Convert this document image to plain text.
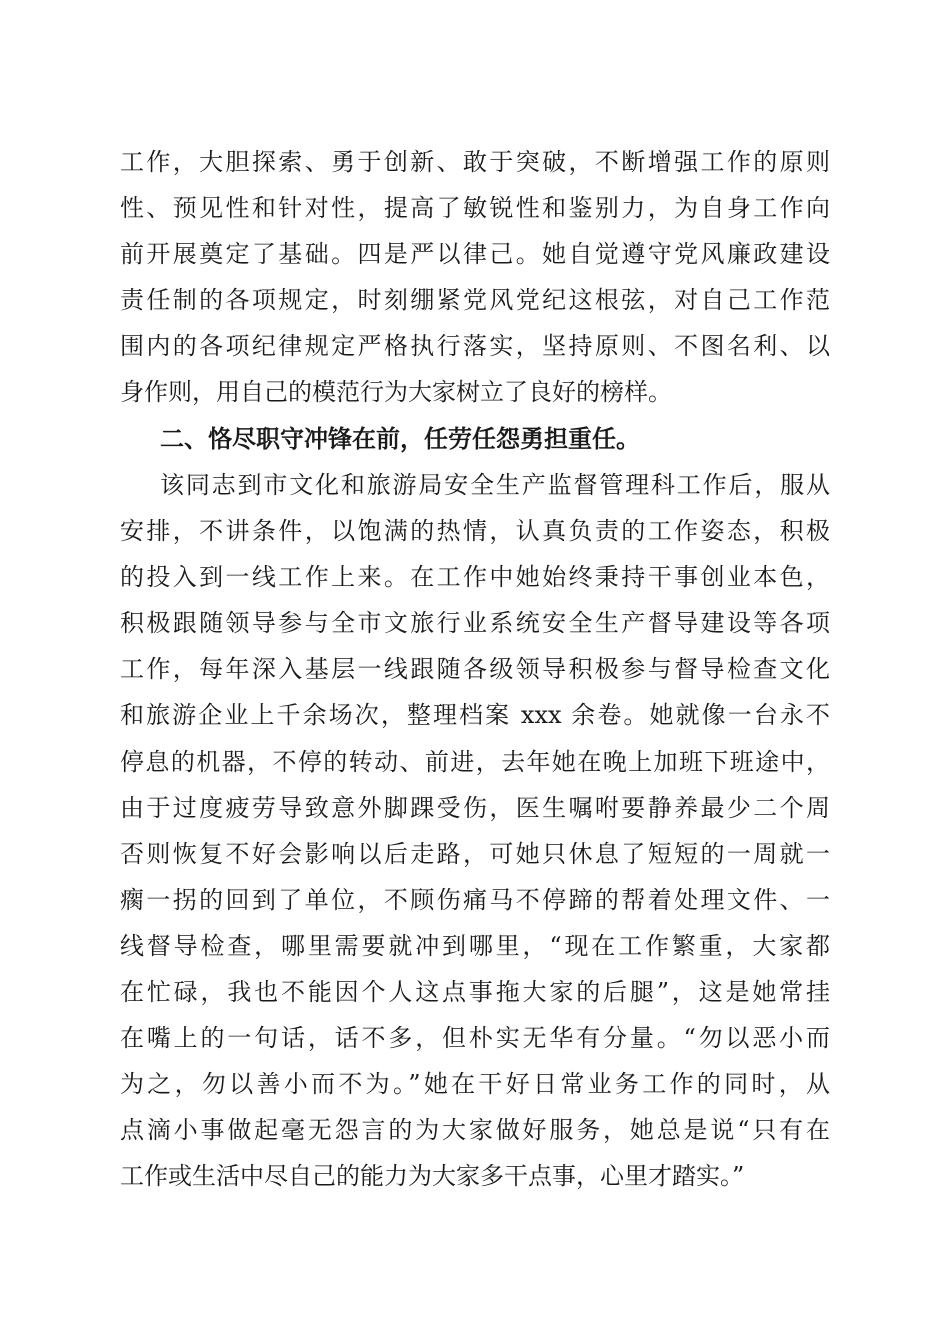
工作，大胆探索、勇于创新、敢于突破，不断增强工作的原则
性、预见性和针对性，提高了敏锐性和鉴别力，为自身工作向
前开展奠定了基础。四是严以律己。她自觉遵守党风廉政建设
责任制的各项规定，时刻绷紧党风党纪这根弦，对自己工作范
围内的各项纪律规定严格执行落实，坚持原则、不图名利、以
身作则，用自己的模范行为大家树立了良好的榜样。
二、恪尽职守冲锋在前，任劳任怨勇担重任。
该同志到市文化和旅游局安全生产监督管理科工作后，服从
安排，不讲条件，以饱满的热情，认真负责的工作姿态，积极
的投入到一线工作上来。在工作中她始终秉持干事创业本色，
积极跟随领导参与全市文旅行业系统安全生产督导建设等各项
工作，每年深入基层一线跟随各级领导积极参与督导检查文化
和旅游企业上千余场次，整理档案 xxx 余卷。她就像一台永不
停息的机器，不停的转动、前进，去年她在晚上加班下班途中，
由于过度疲劳导致意外脚踝受伤，医生嘱咐要静养最少二个周
否则恢复不好会影响以后走路，可她只休息了短短的一周就一
瘸一拐的回到了单位，不顾伤痛马不停蹄的帮着处理文件、一
线督导检查，哪里需要就冲到哪里，“现在工作繁重，大家都
在忙碌，我也不能因个人这点事拖大家的后腿”，这是她常挂
在嘴上的一句话，话不多，但朴实无华有分量。“勿以恶小而
为之，勿以善小而不为。”她在干好日常业务工作的同时，从
点滴小事做起毫无怨言的为大家做好服务，她总是说“只有在
工作或生活中尽自己的能力为大家多干点事，心里才踏实。”
